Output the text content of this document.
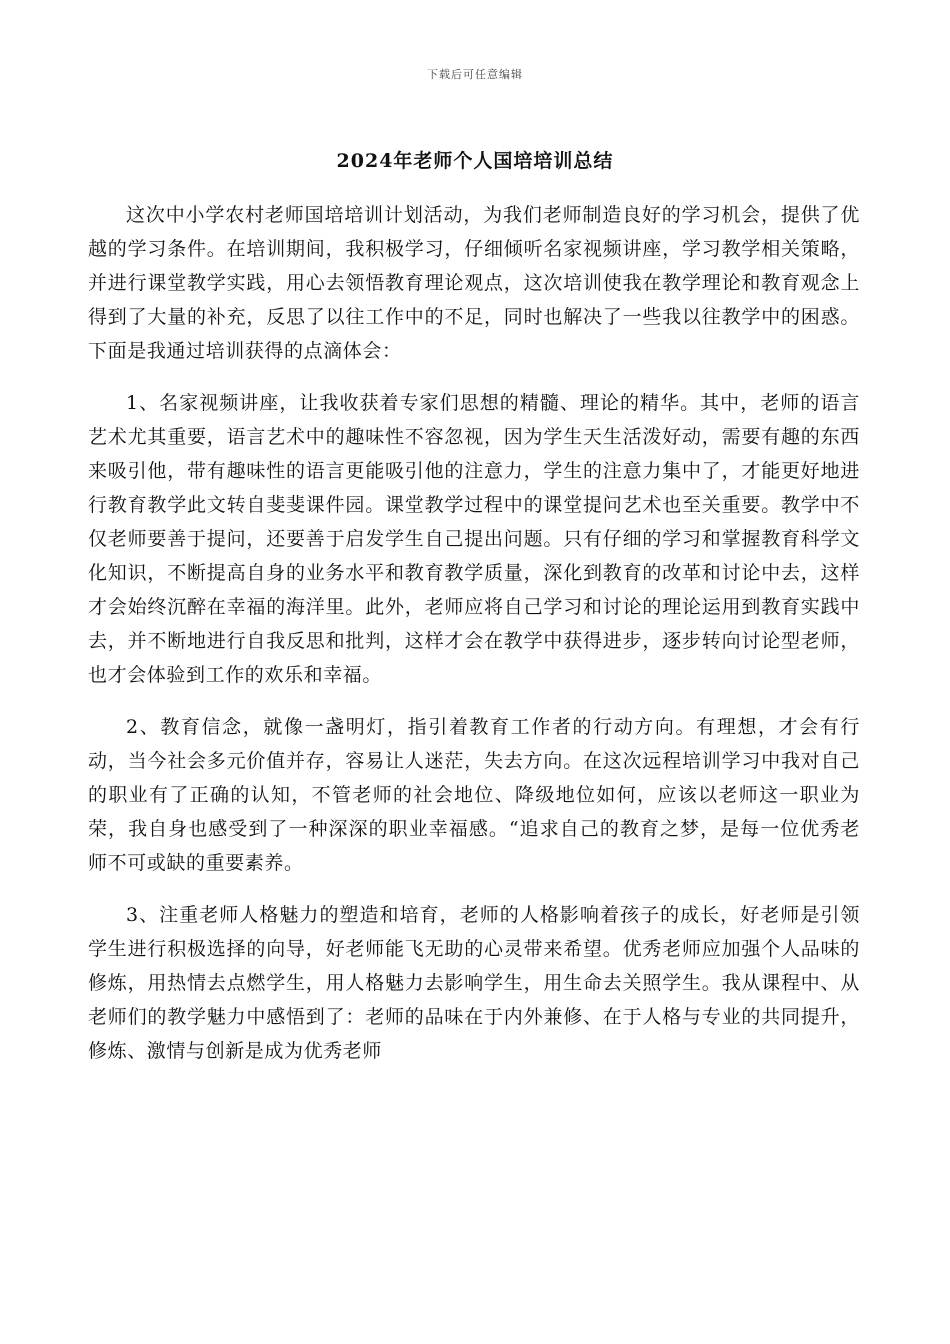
下载后可任意编辑
2024年老师个人国培培训总结

这次中小学农村老师国培培训计划活动，为我们老师制造良好的学习机会，提供了优越的学习条件。在培训期间，我积极学习，仔细倾听名家视频讲座，学习教学相关策略，并进行课堂教学实践，用心去领悟教育理论观点，这次培训使我在教学理论和教育观念上得到了大量的补充，反思了以往工作中的不足，同时也解决了一些我以往教学中的困惑。下面是我通过培训获得的点滴体会：

1、名家视频讲座，让我收获着专家们思想的精髓、理论的精华。其中，老师的语言艺术尤其重要，语言艺术中的趣味性不容忽视，因为学生天生活泼好动，需要有趣的东西来吸引他，带有趣味性的语言更能吸引他的注意力，学生的注意力集中了，才能更好地进行教育教学此文转自斐斐课件园。课堂教学过程中的课堂提问艺术也至关重要。教学中不仅老师要善于提问，还要善于启发学生自己提出问题。只有仔细的学习和掌握教育科学文化知识，不断提高自身的业务水平和教育教学质量，深化到教育的改革和讨论中去，这样才会始终沉醉在幸福的海洋里。此外，老师应将自己学习和讨论的理论运用到教育实践中去，并不断地进行自我反思和批判，这样才会在教学中获得进步，逐步转向讨论型老师，也才会体验到工作的欢乐和幸福。

2、教育信念，就像一盏明灯，指引着教育工作者的行动方向。有理想，才会有行动，当今社会多元价值并存，容易让人迷茫，失去方向。在这次远程培训学习中我对自己的职业有了正确的认知，不管老师的社会地位、降级地位如何，应该以老师这一职业为荣，我自身也感受到了一种深深的职业幸福感。“追求自己的教育之梦，是每一位优秀老师不可或缺的重要素养。

3、注重老师人格魅力的塑造和培育，老师的人格影响着孩子的成长，好老师是引领学生进行积极选择的向导，好老师能飞无助的心灵带来希望。优秀老师应加强个人品味的修炼，用热情去点燃学生，用人格魅力去影响学生，用生命去关照学生。我从课程中、从老师们的教学魅力中感悟到了：老师的品味在于内外兼修、在于人格与专业的共同提升，修炼、激情与创新是成为优秀老师
